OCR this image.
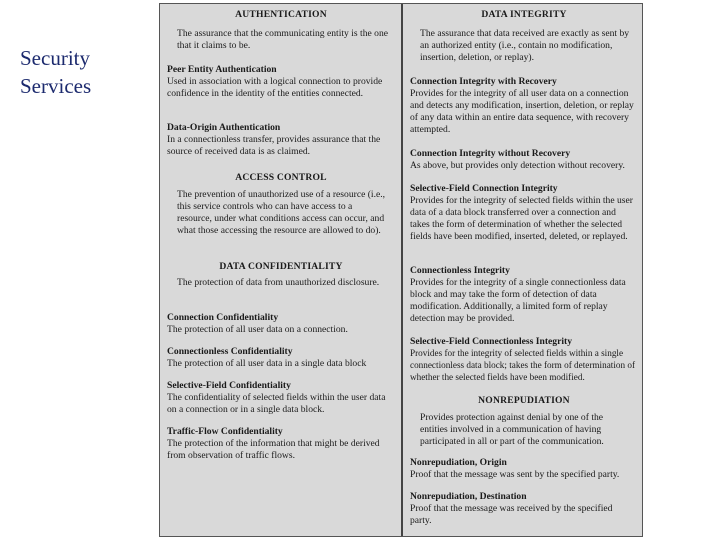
Security
Services

AUTHENTICATION

The assurance that the communicating entity is the one that it claims to be.

Peer Entity Authentication

Used in association with a logical connection to provide confidence in the identity of the entities connected.

Data-Origin Authentication

In a connectionless transfer, provides assurance that the source of received data is as claimed.

ACCESS CONTROL

The prevention of unauthorized use of a resource (i.e., this service controls who can have access to a resource, under what conditions access can occur, and what those accessing the resource are allowed to do).

DATA CONFIDENTIALITY

The protection of data from unauthorized disclosure.

Connection Confidentiality

The protection of all user data on a connection.

Connectionless Confidentiality

The protection of all user data in a single data block

Selective-Field Confidentiality

The confidentiality of selected fields within the user data on a connection or in a single data block.

Traffic-Flow Confidentiality

The protection of the information that might be derived from observation of traffic flows.

DATA INTEGRITY

The assurance that data received are exactly as sent by an authorized entity (i.e., contain no modification, insertion, deletion, or replay).

Connection Integrity with Recovery

Provides for the integrity of all user data on a connection and detects any modification, insertion, deletion, or replay of any data within an entire data sequence, with recovery attempted.

Connection Integrity without Recovery

As above, but provides only detection without recovery.

Selective-Field Connection Integrity

Provides for the integrity of selected fields within the user data of a data block transferred over a connection and takes the form of determination of whether the selected fields have been modified, inserted, deleted, or replayed.

Connectionless Integrity

Provides for the integrity of a single connectionless data block and may take the form of detection of data modification. Additionally, a limited form of replay detection may be provided.

Selective-Field Connectionless Integrity

Provides for the integrity of selected fields within a single connectionless data block; takes the form of determination of whether the selected fields have been modified.

NONREPUDIATION

Provides protection against denial by one of the entities involved in a communication of having participated in all or part of the communication.

Nonrepudiation, Origin

Proof that the message was sent by the specified party.

Nonrepudiation, Destination

Proof that the message was received by the specified party.
